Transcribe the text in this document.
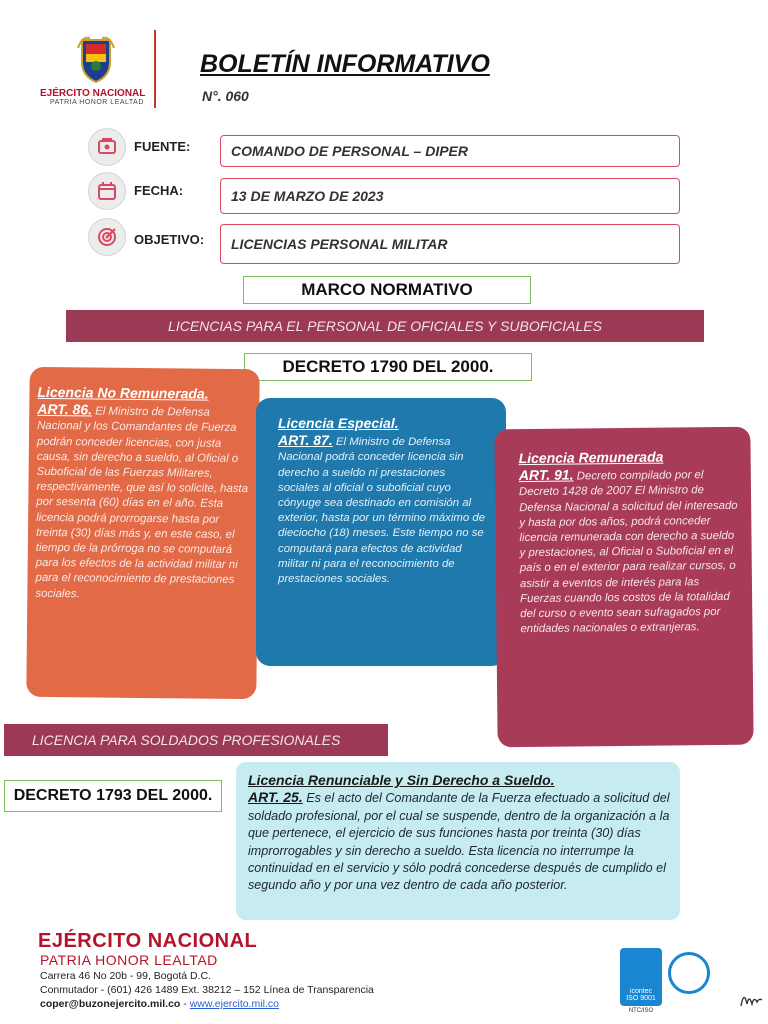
EJÉRCITO NACIONAL
PATRIA HONOR LEALTAD
BOLETÍN INFORMATIVO
N°. 060
FUENTE:	COMANDO DE PERSONAL – DIPER
FECHA:	13 DE MARZO DE 2023
OBJETIVO:	LICENCIAS PERSONAL MILITAR
MARCO NORMATIVO
LICENCIAS PARA EL PERSONAL DE OFICIALES Y SUBOFICIALES
DECRETO 1790 DEL 2000.
Licencia No Remunerada.

ART. 86. El Ministro de Defensa Nacional y los Comandantes de Fuerza podrán conceder licencias, con justa causa, sin derecho a sueldo, al Oficial o Suboficial de las Fuerzas Militares, respectivamente, que así lo solicite, hasta por sesenta (60) días en el año. Esta licencia podrá prorrogarse hasta por treinta (30) días más y, en este caso, el tiempo de la prórroga no se computará para los efectos de la actividad militar ni para el reconocimiento de prestaciones sociales.

Licencia Especial.

ART. 87. El Ministro de Defensa Nacional podrá conceder licencia sin derecho a sueldo ni prestaciones sociales al oficial o suboficial cuyo cónyuge sea destinado en comisión al exterior, hasta por un término máximo de dieciocho (18) meses. Este tiempo no se computará para efectos de actividad militar ni para el reconocimiento de prestaciones sociales.

Licencia Remunerada

ART. 91. Decreto compilado por el Decreto 1428 de 2007 El Ministro de Defensa Nacional a solicitud del interesado y hasta por dos años, podrá conceder licencia remunerada con derecho a sueldo y prestaciones, al Oficial o Suboficial en el país o en el exterior para realizar cursos, o asistir a eventos de interés para las Fuerzas cuando los costos de la totalidad del curso o evento sean sufragados por entidades nacionales o extranjeras.

LICENCIA PARA SOLDADOS PROFESIONALES
DECRETO 1793 DEL 2000.
Licencia Renunciable y Sin Derecho a Sueldo.

ART. 25. Es el acto del Comandante de la Fuerza efectuado a solicitud del soldado profesional, por el cual se suspende, dentro de la organización a la que pertenece, el ejercicio de sus funciones hasta por treinta (30) días improrrogables y sin derecho a sueldo. Esta licencia no interrumpe la continuidad en el servicio y sólo podrá concederse después de cumplido el segundo año y por una vez dentro de cada año posterior.

EJÉRCITO NACIONAL
PATRIA HONOR LEALTAD
Carrera 46 No 20b - 99, Bogotá D.C.
Conmutador - (601) 426 1489 Ext. 38212 – 152 Línea de Transparencia
coper@buzonejercito.mil.co - www.ejercito.mil.co
icontec
ISO 9001
NTC/ISO
